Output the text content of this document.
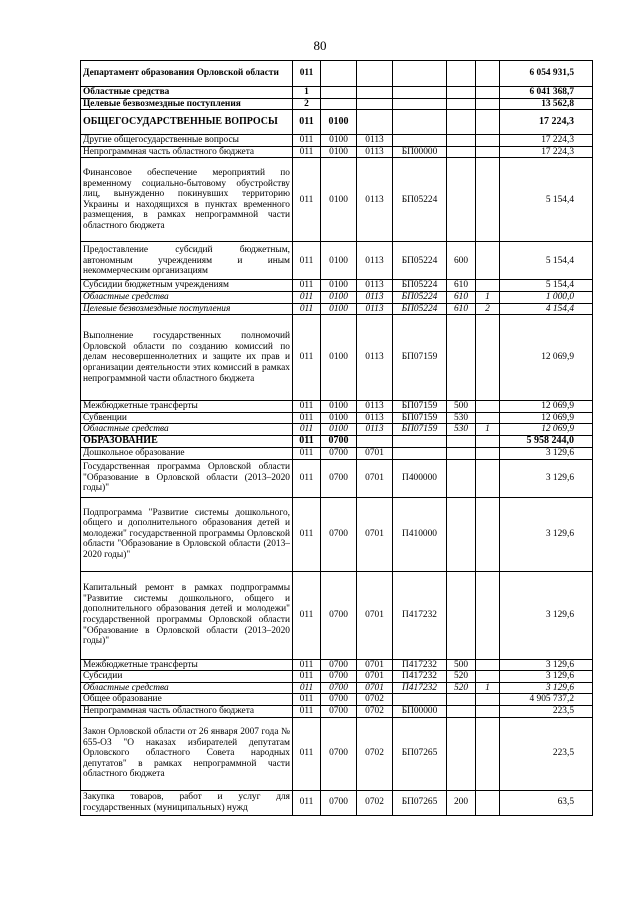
80
Департамент образования Орловской области	011						6 054 931,5
Областные средства	1						6 041 368,7
Целевые безвозмездные поступления	2						13 562,8
ОБЩЕГОСУДАРСТВЕННЫЕ ВОПРОСЫ	011	0100					17 224,3
Другие общегосударственные вопросы	011	0100	0113				17 224,3
Непрограммная часть областного бюджета	011	0100	0113	БП00000			17 224,3
Финансовое обеспечение мероприятий по временному социально-бытовому обустройству лиц, вынужденно покинувших территорию Украины и находящихся в пунктах временного размещения, в рамках непрограммной части областного бюджета	011	0100	0113	БП05224			5 154,4
Предоставление субсидий бюджетным, автономным учреждениям и иным некоммерческим организациям	011	0100	0113	БП05224	600		5 154,4
Субсидии бюджетным учреждениям	011	0100	0113	БП05224	610		5 154,4
Областные средства	011	0100	0113	БП05224	610	1	1 000,0
Целевые безвозмездные поступления	011	0100	0113	БП05224	610	2	4 154,4
Выполнение государственных полномочий Орловской области по созданию комиссий по делам несовершеннолетних и защите их прав и организации деятельности этих комиссий в рамках непрограммной части областного бюджета	011	0100	0113	БП07159			12 069,9
Межбюджетные трансферты	011	0100	0113	БП07159	500		12 069,9
Субвенции	011	0100	0113	БП07159	530		12 069,9
Областные средства	011	0100	0113	БП07159	530	1	12 069,9
ОБРАЗОВАНИЕ	011	0700					5 958 244,0
Дошкольное образование	011	0700	0701				3 129,6
Государственная программа Орловской области "Образование в Орловской области (2013–2020 годы)"	011	0700	0701	П400000			3 129,6
Подпрограмма "Развитие системы дошкольного, общего и дополнительного образования детей и молодежи" государственной программы Орловской области "Образование в Орловской области (2013–2020 годы)"	011	0700	0701	П410000			3 129,6
Капитальный ремонт в рамках подпрограммы "Развитие системы дошкольного, общего и дополнительного образования детей и молодежи" государственной программы Орловской области "Образование в Орловской области (2013–2020 годы)"	011	0700	0701	П417232			3 129,6
Межбюджетные трансферты	011	0700	0701	П417232	500		3 129,6
Субсидии	011	0700	0701	П417232	520		3 129,6
Областные средства	011	0700	0701	П417232	520	1	3 129,6
Общее образование	011	0700	0702				4 905 737,2
Непрограммная часть областного бюджета	011	0700	0702	БП00000			223,5
Закон Орловской области от 26 января 2007 года № 655-ОЗ "О наказах избирателей депутатам Орловского областного Совета народных депутатов" в рамках непрограммной части областного бюджета	011	0700	0702	БП07265			223,5
Закупка товаров, работ и услуг для государственных (муниципальных) нужд	011	0700	0702	БП07265	200		63,5
